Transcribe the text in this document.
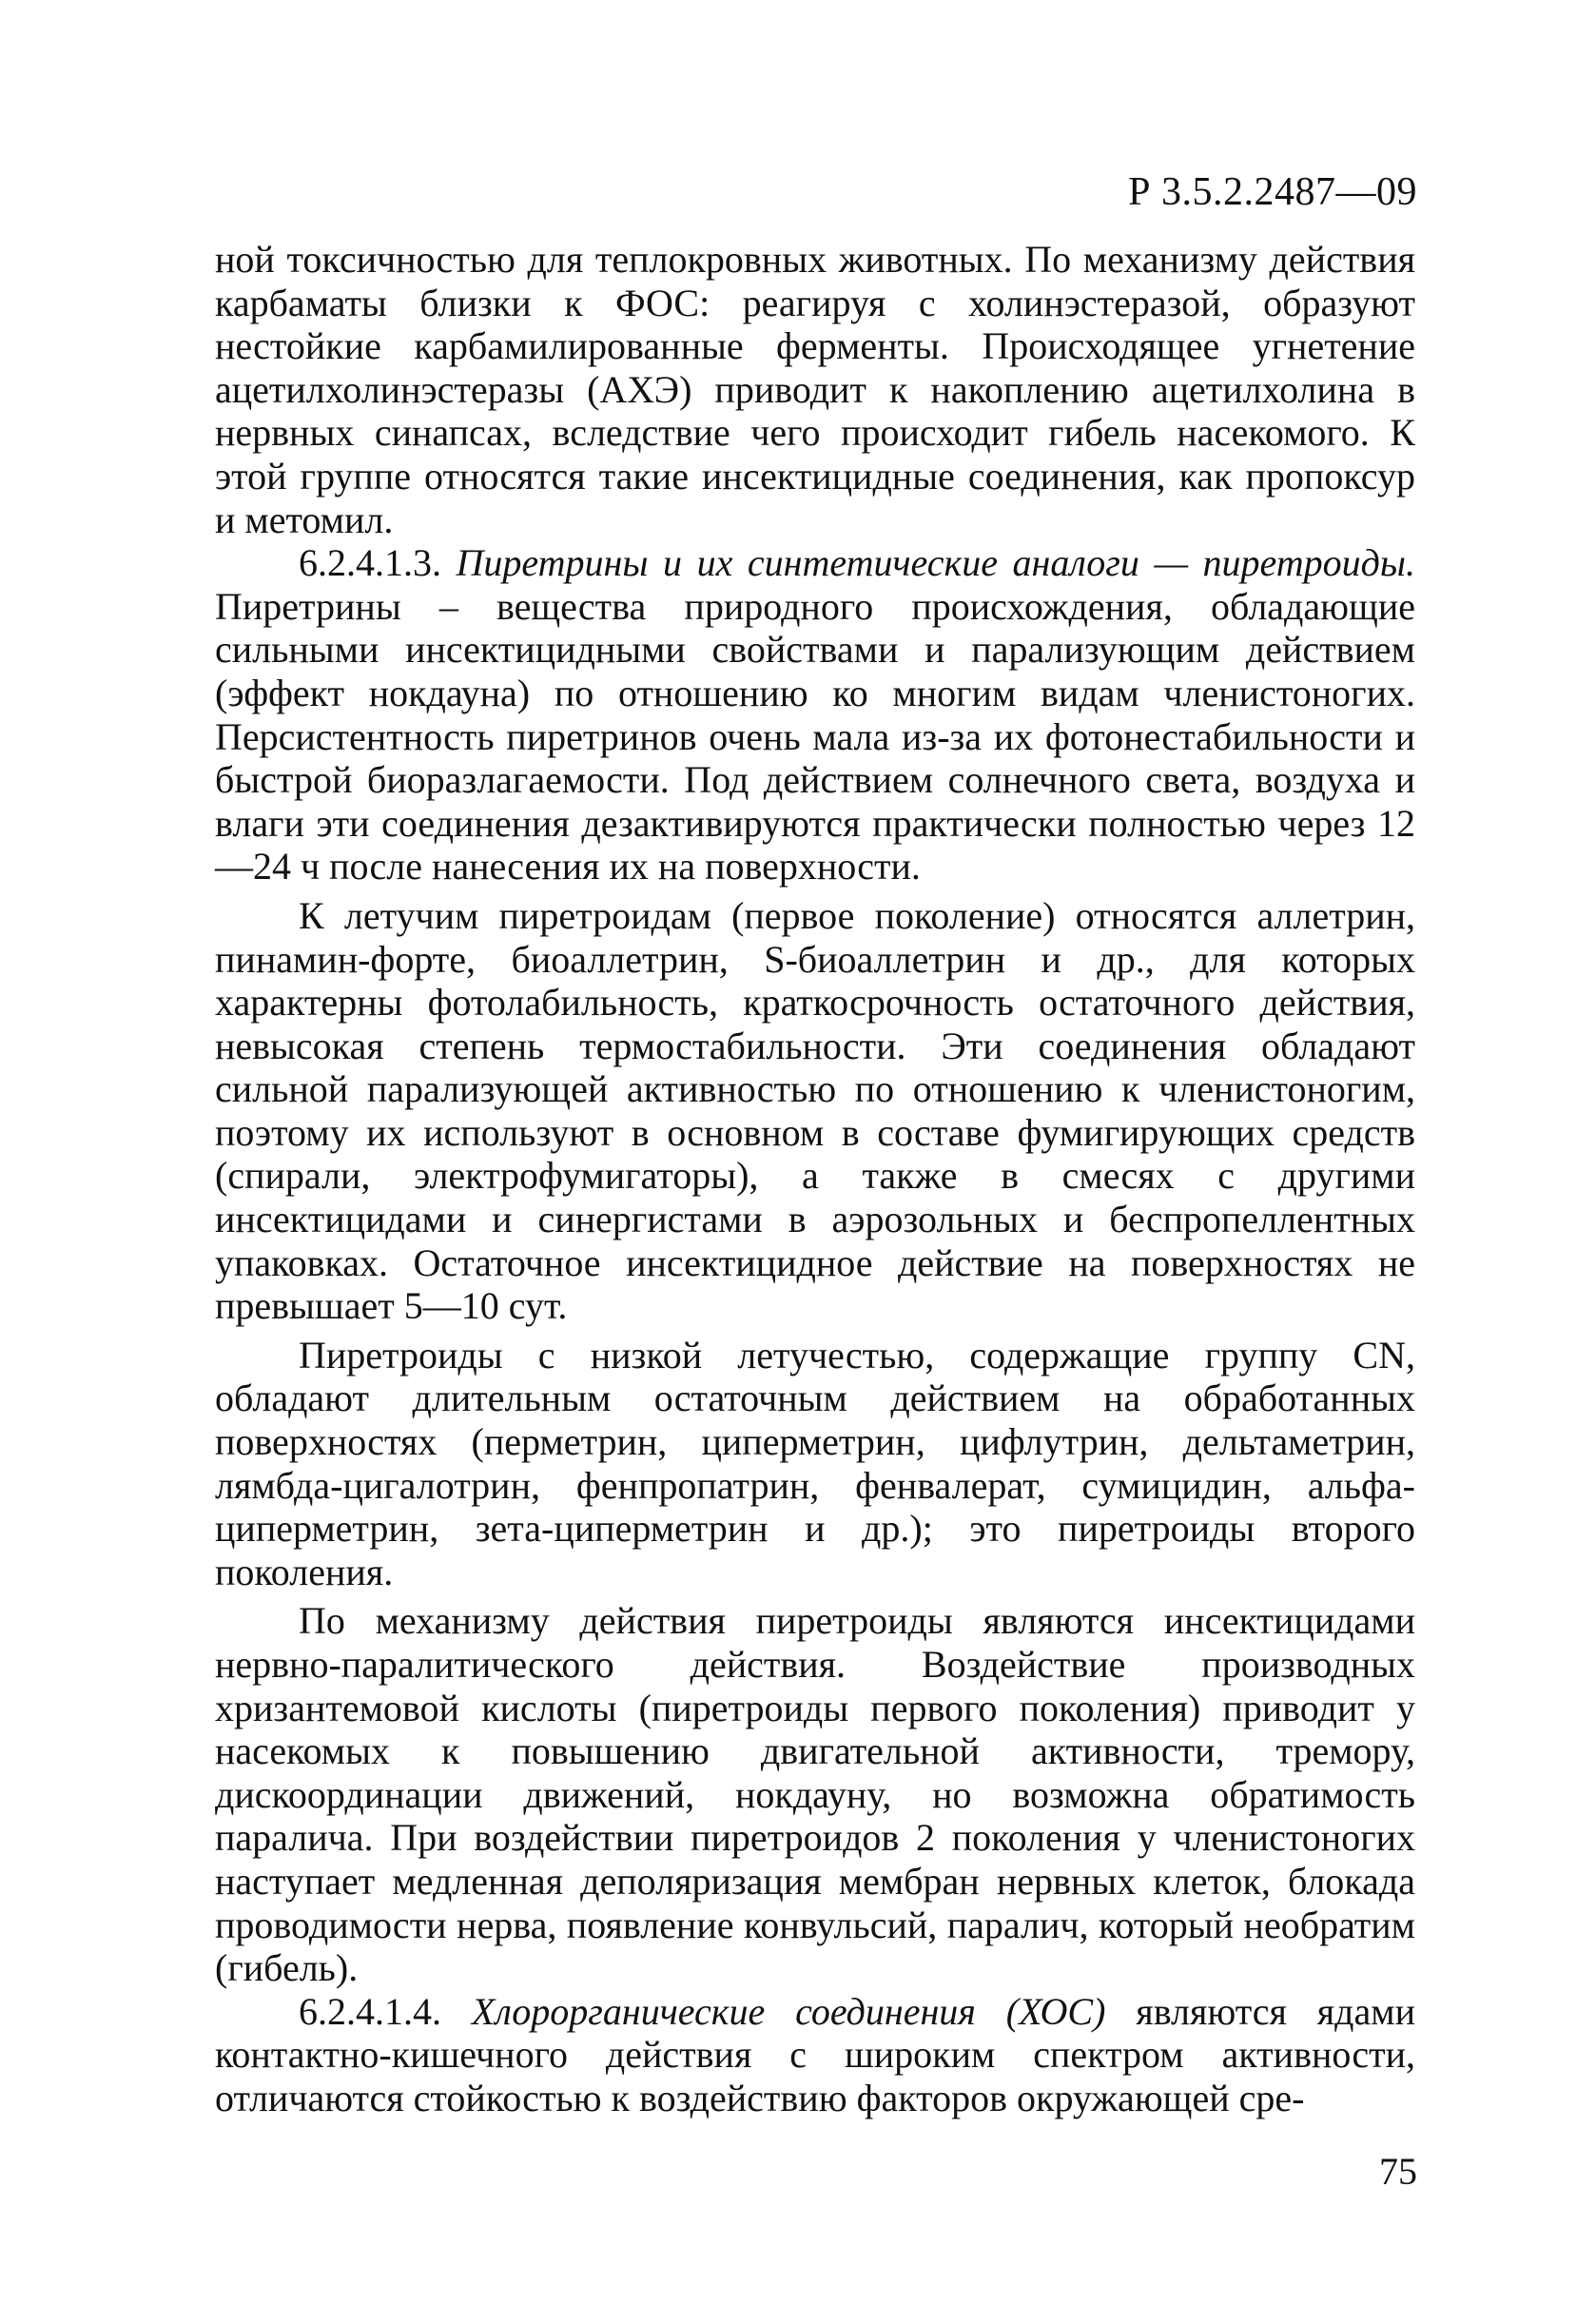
Р 3.5.2.2487—09

ной токсичностью для теплокровных животных. По механизму действия карбаматы близки к ФОС: реагируя с холинэстеразой, образуют нестойкие карбамилированные ферменты. Происходящее угнетение ацетилхолинэстеразы (АХЭ) приводит к накоплению ацетилхолина в нервных синапсах, вследствие чего происходит гибель насекомого. К этой группе относятся такие инсектицидные соединения, как пропоксур и метомил.

6.2.4.1.3. Пиретрины и их синтетические аналоги — пиретроиды. Пиретрины – вещества природного происхождения, обладающие сильными инсектицидными свойствами и парализующим действием (эффект нокдауна) по отношению ко многим видам членистоногих. Персистентность пиретринов очень мала из-за их фотонестабильности и быстрой биоразлагаемости. Под действием солнечного света, воздуха и влаги эти соединения дезактивируются практически полностью через 12—24 ч после нанесения их на поверхности.

К летучим пиретроидам (первое поколение) относятся аллетрин, пинамин-форте, биоаллетрин, S-биоаллетрин и др., для которых характерны фотолабильность, краткосрочность остаточного действия, невысокая степень термостабильности. Эти соединения обладают сильной парализующей активностью по отношению к членистоногим, поэтому их используют в основном в составе фумигирующих средств (спирали, электрофумигаторы), а также в смесях с другими инсектицидами и синергистами в аэрозольных и беспропеллентных упаковках. Остаточное инсектицидное действие на поверхностях не превышает 5—10 сут.

Пиретроиды с низкой летучестью, содержащие группу CN, обладают длительным остаточным действием на обработанных поверхностях (перметрин, циперметрин, цифлутрин, дельтаметрин, лямбда-цигалотрин, фенпропатрин, фенвалерат, сумицидин, альфа-циперметрин, зета-циперметрин и др.); это пиретроиды второго поколения.

По механизму действия пиретроиды являются инсектицидами нервно-паралитического действия. Воздействие производных хризантемовой кислоты (пиретроиды первого поколения) приводит у насекомых к повышению двигательной активности, тремору, дискоординации движений, нокдауну, но возможна обратимость паралича. При воздействии пиретроидов 2 поколения у членистоногих наступает медленная деполяризация мембран нервных клеток, блокада проводимости нерва, появление конвульсий, паралич, который необратим (гибель).

6.2.4.1.4. Хлорорганические соединения (ХОС) являются ядами контактно-кишечного действия с широким спектром активности, отличаются стойкостью к воздействию факторов окружающей сре-

75
